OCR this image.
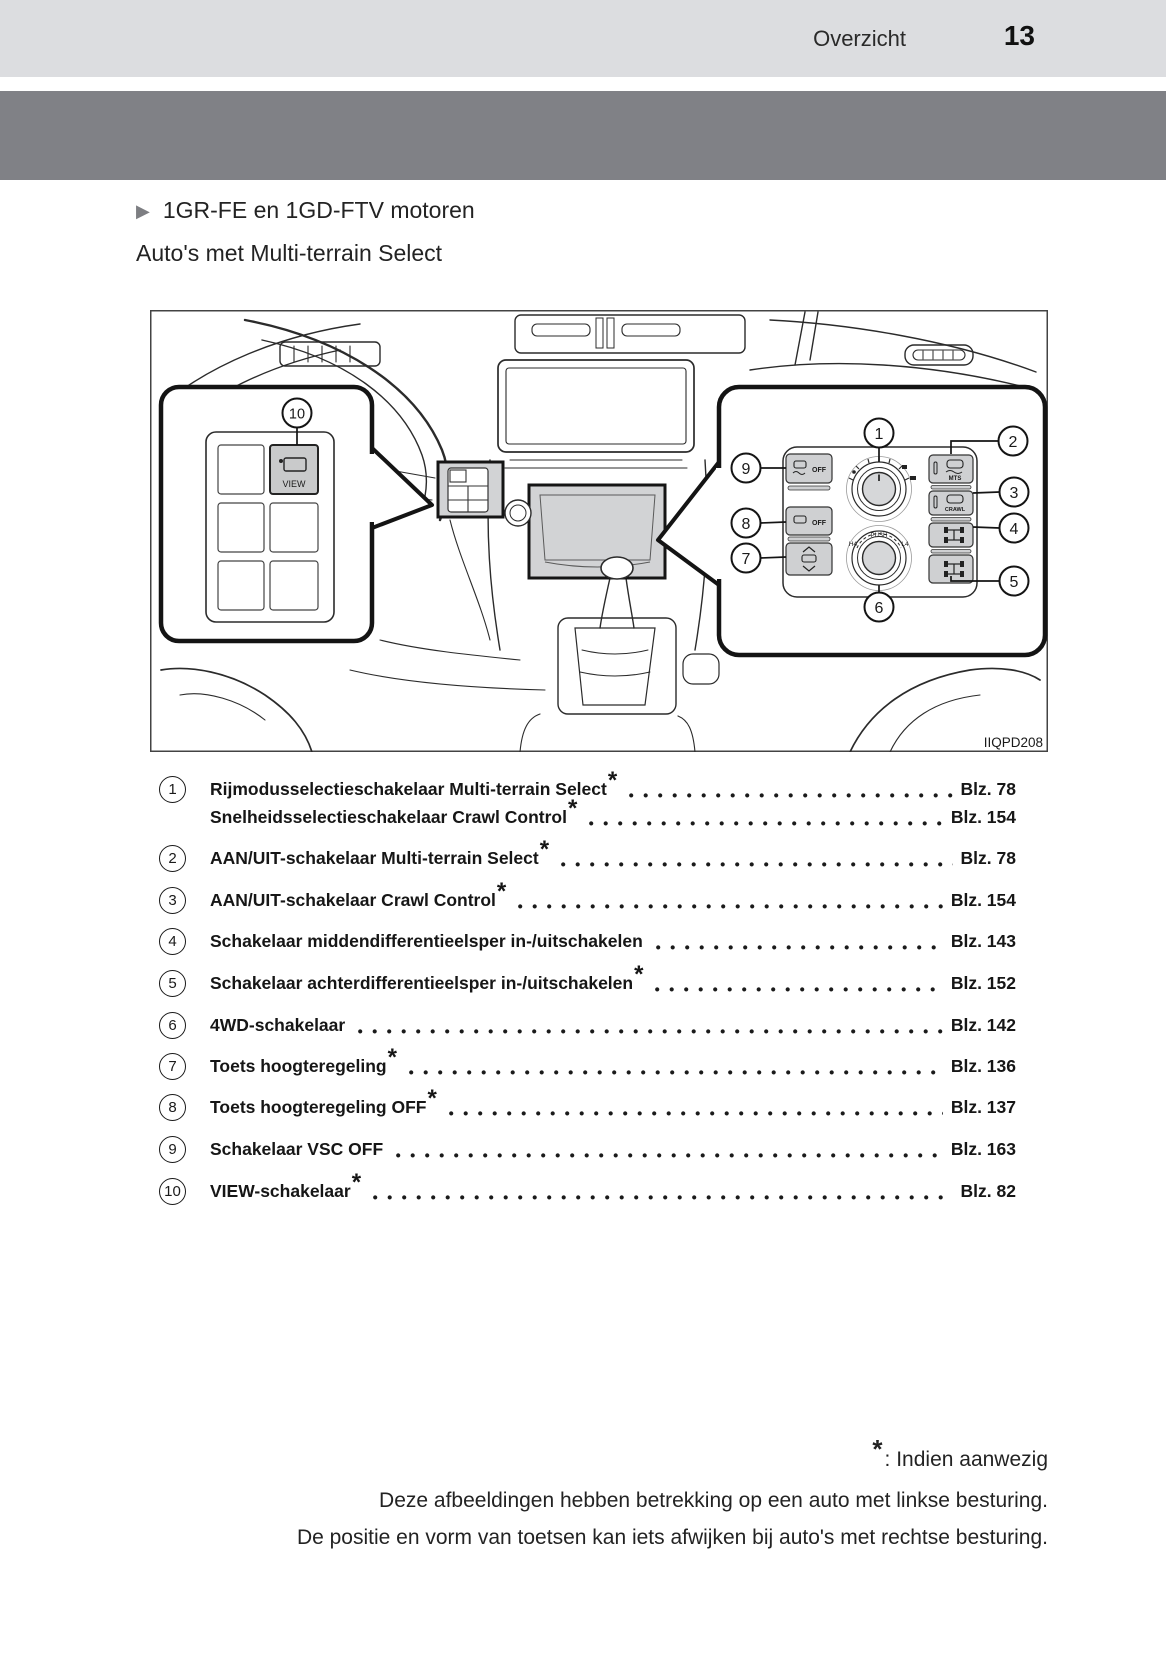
Overzicht	13
▶ 1GR-FE en 1GD-FTV motoren
Auto's met Multi-terrain Select
VIEW
10
OFF
OFF
PUSH
H4	L4
MTS
CRAWL
1	2
3
4
5
6
7
8
9
IIQPD208
1	Rijmodusselectieschakelaar Multi-terrain Select*	Blz. 78
Snelheidsselectieschakelaar Crawl Control*	Blz. 154
2	AAN/UIT-schakelaar Multi-terrain Select*	Blz. 78
3	AAN/UIT-schakelaar Crawl Control*	Blz. 154
4	Schakelaar middendifferentieelsper in-/uitschakelen	Blz. 143
5	Schakelaar achterdifferentieelsper in-/uitschakelen*	Blz. 152
6	4WD-schakelaar	Blz. 142
7	Toets hoogteregeling*	Blz. 136
8	Toets hoogteregeling OFF*	Blz. 137
9	Schakelaar VSC OFF	Blz. 163
10 VIEW-schakelaar*	Blz. 82
*: Indien aanwezig
Deze afbeeldingen hebben betrekking op een auto met linkse besturing.
De positie en vorm van toetsen kan iets afwijken bij auto's met rechtse besturing.
